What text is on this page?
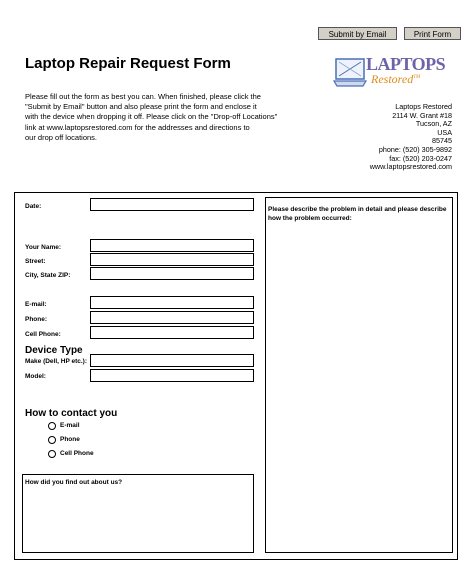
Submit by Email	Print Form
Laptop Repair Request Form
Please fill out the form as best you can. When finished, please click the
"Submit by Email" button and also please print the form and enclose it
with the device when dropping it off. Please click on the "Drop-off Locations"
link at www.laptopsrestored.com for the addresses and directions to
our drop off locations.
LAPTOPS
Restored™
Laptops Restored
2114 W. Grant #18
Tucson, AZ
USA
85745
phone: (520) 305-9892
fax: (520) 203-0247
www.laptopsrestored.com
Date:
Your Name:
Street:
City, State ZIP:
E-mail:
Phone:
Cell Phone:
Device Type
Make (Dell, HP etc.):
Model:
How to contact you
E-mail
Phone
Cell Phone
Please describe the problem in detail and please describe
how the problem occurred:
How did you find out about us?
